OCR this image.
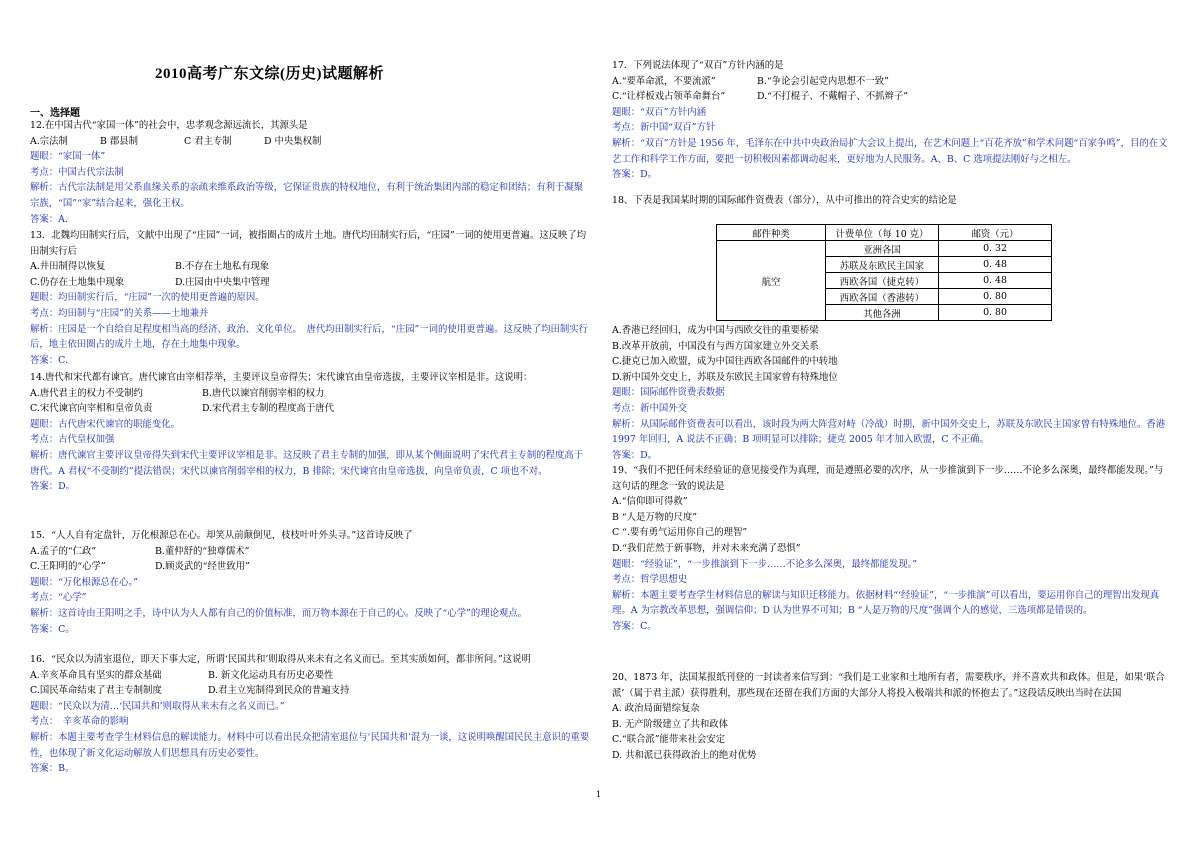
2010高考广东文综(历史)试题解析
一、选择题

12.在中国古代“家国一体”的社会中，忠孝观念源远流长，其源头是

A.宗法制	B 郡县制	C 君主专制	D 中央集权制

题眼：“家国一体”

考点：中国古代宗法制

解析：古代宗法制是用父系血缘关系的亲疏来维系政治等级，它保证贵族的特权地位，有利于统治集团内部的稳定和团结；有利于凝聚宗族，“国”“家”结合起来，强化王权。

答案：A．

13．北魏均田制实行后，文献中出现了“庄园”一词，被指圈占的成片土地。唐代均田制实行后，“庄园”一词的使用更普遍。这反映了均田制实行后

A.井田制得以恢复	B.不存在土地私有现象
C.仍存在土地集中现象	D.庄园由中央集中管理

题眼：均田制实行后，“庄园”一次的使用更普遍的原因。

考点：均田制与“庄园”的关系——土地兼并

解析：庄园是一个自给自足程度相当高的经济、政治、文化单位。　唐代均田制实行后，“庄园”一词的使用更普遍。这反映了均田制实行后，地主依田圈占的成片土地，存在土地集中现象。

答案：C．

14.唐代和宋代都有谏官。唐代谏官由宰相荐举，主要评议皇帝得失；宋代谏官由皇帝选拔，主要评议宰相是非。这说明：

A.唐代君主的权力不受制约	B.唐代以谏官削弱宰相的权力
C.宋代谏官向宰相和皇帝负责	D.宋代君主专制的程度高于唐代

题眼：古代唐宋代谏官的职能变化。

考点：古代皇权加强

解析：唐代谏官主要评议皇帝得失到宋代主要评议宰相是非。这反映了君主专制的加强，即从某个侧面说明了宋代君主专制的程度高于唐代。A 君权“不受制约”提法错误；宋代以谏官削弱宰相的权力，B 排除；宋代谏官由皇帝选拔，向皇帝负责，C 项也不对。

答案：D。

15．“人人自有定盘针，万化根源总在心。却笑从前颠倒见，枝枝叶叶外头寻。”这首诗反映了

A.孟子的“仁政”	B.董仲舒的“独尊儒术”
C.王阳明的“心学”	D.顾炎武的“经世致用”

题眼：“万化根源总在心。”

考点：“心学”

解析：这首诗由王阳明之手，诗中认为人人都有自己的价值标准，而万物本源在于自己的心。反映了“心学”的理论观点。

答案：C。

16．“民众以为清室退位，即天下事大定，所谓‘民国共和’则取得从来未有之名义而已。至其实质如何，都非所问。”这说明

A.辛亥革命具有坚实的群众基础	B. 新文化运动具有历史必要性
C.国民革命结束了君主专制制度	D.君主立宪制得到民众的普遍支持

题眼：“民众以为清…‘民国共和’则取得从来未有之名义而已。”

考点：　辛亥革命的影响

解析：本题主要考查学生材料信息的解读能力。材料中可以看出民众把清室退位与‘民国共和’混为一谈，这说明唤醒国民民主意识的重要性，也体现了新文化运动解放人们思想具有历史必要性。

答案：B。

17．下列说法体现了“双百”方针内涵的是

A.“要革命派，不要流派”	B.“争论会引起党内思想不一致”
C.“让样板戏占领革命舞台”	D.“不打棍子、不戴帽子、不抓辫子”

题眼：“双百”方针内涵

考点：新中国“双百”方针

解析：“双百”方针是 1956 年，毛泽东在中共中央政治局扩大会议上提出，在艺术问题上“百花齐放”和学术问题“百家争鸣”，目的在文艺工作和科学工作方面，要把一切积极因素都调动起来，更好地为人民服务。A、B、C 选项提法刚好与之相左。

答案：D。

18、下表是我国某时期的国际邮件资费表（部分），从中可推出的符合史实的结论是

邮件种类	计费单位（每 10 克）	邮资（元）
航空	亚洲各国	0. 32
	苏联及东欧民主国家	0. 48
	西欧各国（捷克转）	0. 48
	西欧各国（香港转）	0. 80
	其他各洲	0. 80

A.香港已经回归，成为中国与西欧交往的重要桥梁

B.改革开放前，中国没有与西方国家建立外交关系

C.捷克已加入欧盟，成为中国往西欧各国邮件的中转地

D.新中国外交史上，苏联及东欧民主国家曾有特殊地位

题眼：国际邮件资费表数据

考点：新中国外交

解析：从国际邮件资费表可以看出，该时段为两大阵营对峙（冷战）时期，新中国外交史上，苏联及东欧民主国家曾有特殊地位。香港 1997 年回归，A 说法不正确；B 项明显可以排除；捷克 2005 年才加入欧盟，C 不正确。

答案：D。

19、“我们不把任何未经验证的意见接受作为真理，而是遵照必要的次序，从一步推演到下一步……不论多么深奥，最终都能发现。”与这句话的理念一致的说法是

A.“信仰即可得救”

B “人是万物的尺度”

C “.要有勇气运用你自己的理智”

D.“我们茫然于新事物，并对未来充满了恐惧”

题眼：“经验证”，“一步推演到下一步……不论多么深奥，最终都能发现。”

考点：哲学思想史

解析：本题主要考查学生材料信息的解读与知识迁移能力。依据材料“‘经验证”，“一步推演”可以看出，要运用你自己的理智出发现真理。A 为宗教改革思想，强调信仰；D 认为世界不可知；B “人是万物的尺度”强调个人的感觉，三选项都是错误的。

答案：C。

20、1873 年，法国某报纸刊登的一封读者来信写到：“我们是工业家和土地所有者，需要秩序，并不喜欢共和政体。但是，如果‘联合派’（属于君主派）获得胜利，那些现在还留在我们方面的大部分人将投入极端共和派的怀抱去了。”这段话反映出当时在法国

A. 政治局面错综复杂

B. 无产阶级建立了共和政体

C.“联合派”能带来社会安定

D. 共和派已获得政治上的绝对优势

1
